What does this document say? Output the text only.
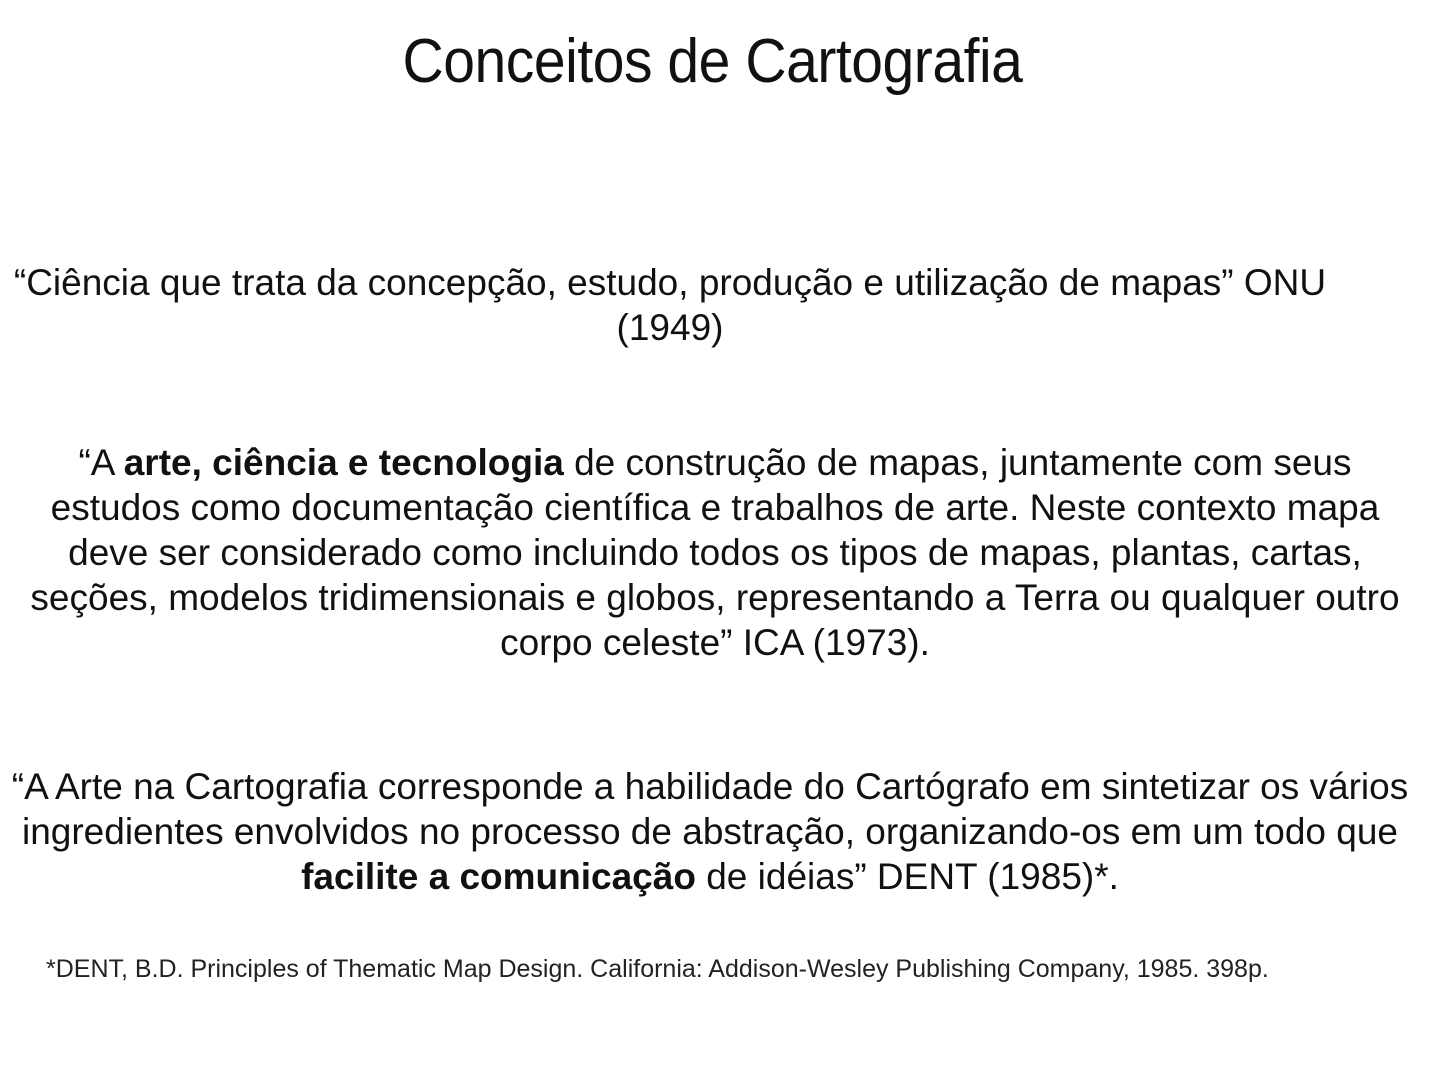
Conceitos de Cartografia

“Ciência que trata da concepção, estudo, produção e utilização de mapas” ONU (1949)

“A arte, ciência e tecnologia de construção de mapas, juntamente com seus estudos como documentação científica e trabalhos de arte. Neste contexto mapa deve ser considerado como incluindo todos os tipos de mapas, plantas, cartas, seções, modelos tridimensionais e globos, representando a Terra ou qualquer outro corpo celeste” ICA (1973).

“A Arte na Cartografia corresponde a habilidade do Cartógrafo em sintetizar os vários ingredientes envolvidos no processo de abstração, organizando-os em um todo que facilite a comunicação de idéias” DENT (1985)*.

*DENT, B.D. Principles of Thematic Map Design. California: Addison-Wesley Publishing Company, 1985. 398p.
